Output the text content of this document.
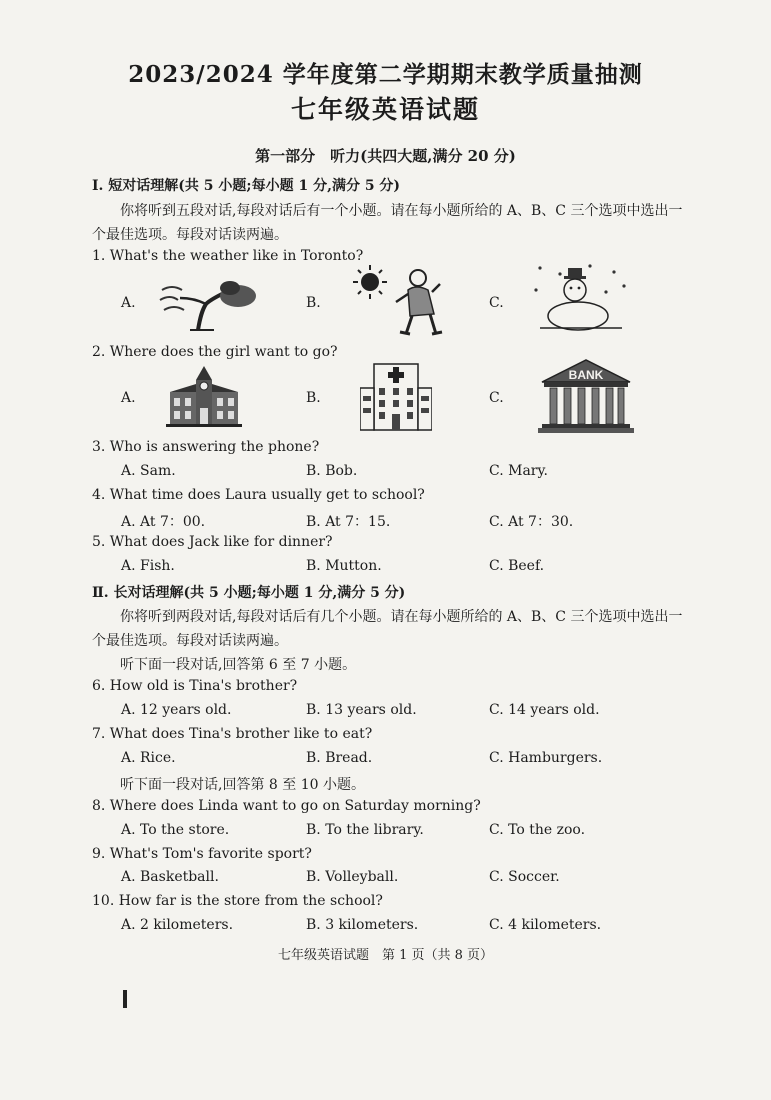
2023/2024 学年度第二学期期末教学质量抽测
七年级英语试题
第一部分　听力(共四大题,满分 20 分)
Ⅰ. 短对话理解(共 5 小题;每小题 1 分,满分 5 分)
你将听到五段对话,每段对话后有一个小题。请在每小题所给的 A、B、C 三个选项中选出一
个最佳选项。每段对话读两遍。
1. What's the weather like in Toronto?
A.	B.	C.
2. Where does the girl want to go?
A.	B.	C.
BANK
3. Who is answering the phone?
A. Sam.	B. Bob.	C. Mary.
4. What time does Laura usually get to school?
A. At 7：00.	B. At 7：15.	C. At 7：30.
5. What does Jack like for dinner?
A. Fish.	B. Mutton.	C. Beef.
Ⅱ. 长对话理解(共 5 小题;每小题 1 分,满分 5 分)
你将听到两段对话,每段对话后有几个小题。请在每小题所给的 A、B、C 三个选项中选出一
个最佳选项。每段对话读两遍。
听下面一段对话,回答第 6 至 7 小题。
6. How old is Tina's brother?
A. 12 years old.	B. 13 years old.	C. 14 years old.
7. What does Tina's brother like to eat?
A. Rice.	B. Bread.	C. Hamburgers.
听下面一段对话,回答第 8 至 10 小题。
8. Where does Linda want to go on Saturday morning?
A. To the store.	B. To the library.	C. To the zoo.
9. What's Tom's favorite sport?
A. Basketball.	B. Volleyball.	C. Soccer.
10. How far is the store from the school?
A. 2 kilometers.	B. 3 kilometers.	C. 4 kilometers.
七年级英语试题　第 1 页（共 8 页）
